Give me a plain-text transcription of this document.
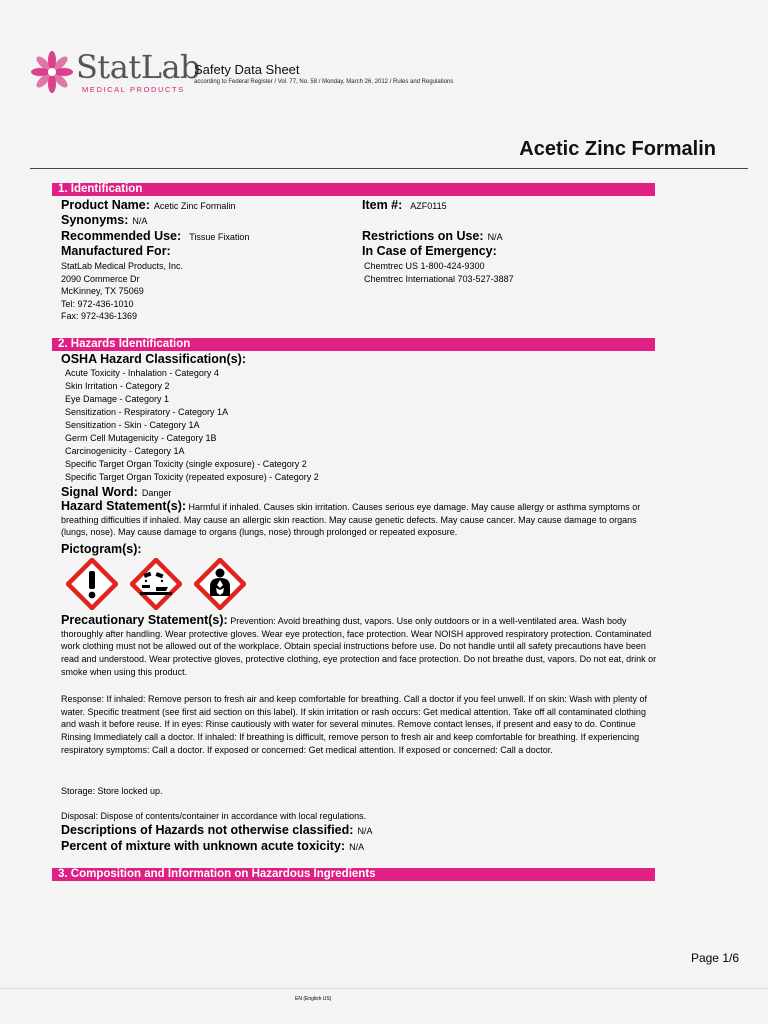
StatLab
MEDICAL PRODUCTS
Safety Data Sheet
according to Federal Register / Vol. 77, No. 58 / Monday, March 26, 2012 / Rules and Regulations
Acetic Zinc Formalin
1. Identification
Product Name: Acetic Zinc Formalin	Item #: AZF0115
Synonyms: N/A
Recommended Use: Tissue Fixation	Restrictions on Use: N/A
Manufactured For:	In Case of Emergency:
StatLab Medical Products, Inc.
2090 Commerce Dr
McKinney, TX 75069
Tel: 972-436-1010
Fax: 972-436-1369
Chemtrec US 1-800-424-9300
Chemtrec International 703-527-3887
2. Hazards Identification
OSHA Hazard Classification(s):
Acute Toxicity - Inhalation - Category 4
Skin Irritation - Category 2
Eye Damage - Category 1
Sensitization - Respiratory - Category 1A
Sensitization - Skin - Category 1A
Germ Cell Mutagenicity - Category 1B
Carcinogenicity - Category 1A
Specific Target Organ Toxicity (single exposure) - Category 2
Specific Target Organ Toxicity (repeated exposure) - Category 2
Signal Word: Danger
Hazard Statement(s): Harmful if inhaled. Causes skin irritation. Causes serious eye damage. May cause allergy or asthma symptoms or breathing difficulties if inhaled. May cause an allergic skin reaction. May cause genetic defects. May cause cancer. May cause damage to organs (lungs, nose). May cause damage to organs (lungs, nose) through prolonged or repeated exposure.
Pictogram(s):
Precautionary Statement(s): Prevention: Avoid breathing dust, vapors. Use only outdoors or in a well-ventilated area. Wash body thoroughly after handling. Wear protective gloves. Wear eye protection, face protection. Wear NOISH approved respiratory protection. Contaminated work clothing must not be allowed out of the workplace. Obtain special instructions before use. Do not handle until all safety precautions have been read and understood. Wear protective gloves, protective clothing, eye protection and face protection. Do not breathe dust, vapors. Do not eat, drink or smoke when using this product.
Response: If inhaled: Remove person to fresh air and keep comfortable for breathing. Call a doctor if you feel unwell. If on skin: Wash with plenty of water. Specific treatment (see first aid section on this label). If skin irritation or rash occurs: Get medical attention. Take off all contaminated clothing and wash it before reuse. If in eyes: Rinse cautiously with water for several minutes. Remove contact lenses, if present and easy to do. Continue Rinsing Immediately call a doctor. If inhaled: If breathing is difficult, remove person to fresh air and keep comfortable for breathing. If experiencing respiratory symptoms: Call a doctor. If exposed or concerned: Get medical attention. If exposed or concerned: Call a doctor.
Storage: Store locked up.
Disposal: Dispose of contents/container in accordance with local regulations.
Descriptions of Hazards not otherwise classified: N/A
Percent of mixture with unknown acute toxicity: N/A
3. Composition and Information on Hazardous Ingredients
Page 1/6
EN (English US)
